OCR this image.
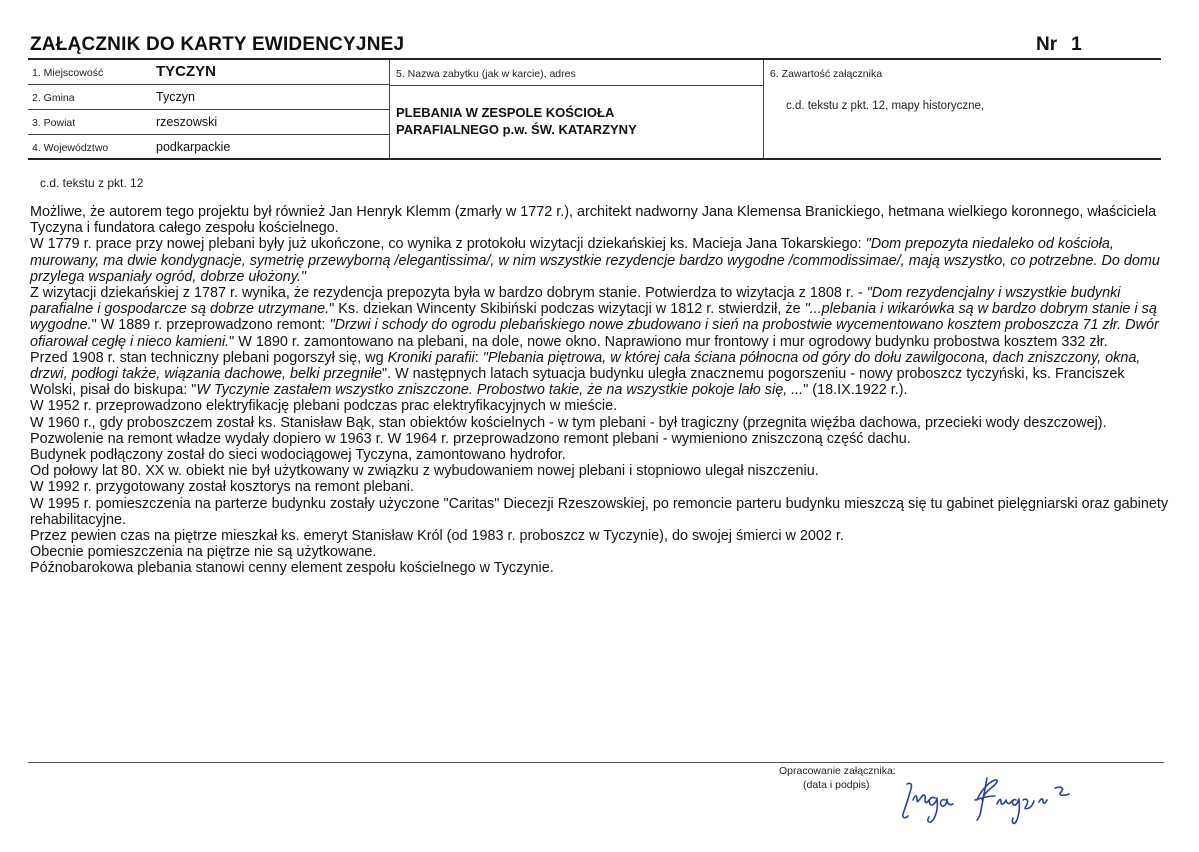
ZAŁĄCZNIK DO KARTY EWIDENCYJNEJ	Nr 1
1. Miejscowość	TYCZYN
2. Gmina	Tyczyn
3. Powiat	rzeszowski
4. Województwo	podkarpackie
5. Nazwa zabytku (jak w karcie), adres
PLEBANIA W ZESPOLE KOŚCIOŁA
PARAFIALNEGO p.w. ŚW. KATARZYNY
6. Zawartość załącznika
c.d. tekstu z pkt. 12, mapy historyczne,
c.d. tekstu z pkt. 12

Możliwe, że autorem tego projektu był również Jan Henryk Klemm (zmarły w 1772 r.), architekt nadworny Jana Klemensa Branickiego, hetmana wielkiego koronnego, właściciela Tyczyna i fundatora całego zespołu kościelnego.

W 1779 r. prace przy nowej plebani były już ukończone, co wynika z protokołu wizytacji dziekańskiej ks. Macieja Jana Tokarskiego: "Dom prepozyta niedaleko od kościoła, murowany, ma dwie kondygnacje, symetrię przewyborną /elegantissima/, w nim wszystkie rezydencje bardzo wygodne /commodissimae/, mają wszystko, co potrzebne. Do domu przylega wspaniały ogród, dobrze ułożony."

Z wizytacji dziekańskiej z 1787 r. wynika, że rezydencja prepozyta była w bardzo dobrym stanie. Potwierdza to wizytacja z 1808 r. - "Dom rezydencjalny i wszystkie budynki parafialne i gospodarcze są dobrze utrzymane." Ks. dziekan Wincenty Skibiński podczas wizytacji w 1812 r. stwierdził, że "...plebania i wikarówka są w bardzo dobrym stanie i są wygodne." W 1889 r. przeprowadzono remont: "Drzwi i schody do ogrodu plebańskiego nowe zbudowano i sień na probostwie wycementowano kosztem proboszcza 71 złr. Dwór ofiarował cegłę i nieco kamieni." W 1890 r. zamontowano na plebani, na dole, nowe okno. Naprawiono mur frontowy i mur ogrodowy budynku probostwa kosztem 332 złr.

Przed 1908 r. stan techniczny plebani pogorszył się, wg Kroniki parafii: "Plebania piętrowa, w której cała ściana północna od góry do dołu zawilgocona, dach zniszczony, okna, drzwi, podłogi także, wiązania dachowe, belki przegniłe". W następnych latach sytuacja budynku uległa znacznemu pogorszeniu - nowy proboszcz tyczyński, ks. Franciszek Wolski, pisał do biskupa: "W Tyczynie zastałem wszystko zniszczone. Probostwo takie, że na wszystkie pokoje lało się, ..." (18.IX.1922 r.).

W 1952 r. przeprowadzono elektryfikację plebani podczas prac elektryfikacyjnych w mieście.

W 1960 r., gdy proboszczem został ks. Stanisław Bąk, stan obiektów kościelnych - w tym plebani - był tragiczny (przegnita więźba dachowa, przecieki wody deszczowej). Pozwolenie na remont władze wydały dopiero w 1963 r. W 1964 r. przeprowadzono remont plebani - wymieniono zniszczoną część dachu.

Budynek podłączony został do sieci wodociągowej Tyczyna, zamontowano hydrofor.

Od połowy lat 80. XX w. obiekt nie był użytkowany w związku z wybudowaniem nowej plebani i stopniowo ulegał niszczeniu.

W 1992 r. przygotowany został kosztorys na remont plebani.

W 1995 r. pomieszczenia na parterze budynku zostały użyczone "Caritas" Diecezji Rzeszowskiej, po remoncie parteru budynku mieszczą się tu gabinet pielęgniarski oraz gabinety rehabilitacyjne.

Przez pewien czas na piętrze mieszkał ks. emeryt Stanisław Król (od 1983 r. proboszcz w Tyczynie), do swojej śmierci w 2002 r.

Obecnie pomieszczenia na piętrze nie są użytkowane.

Późnobarokowa plebania stanowi cenny element zespołu kościelnego w Tyczynie.

Opracowanie załącznika:
(data i podpis)
